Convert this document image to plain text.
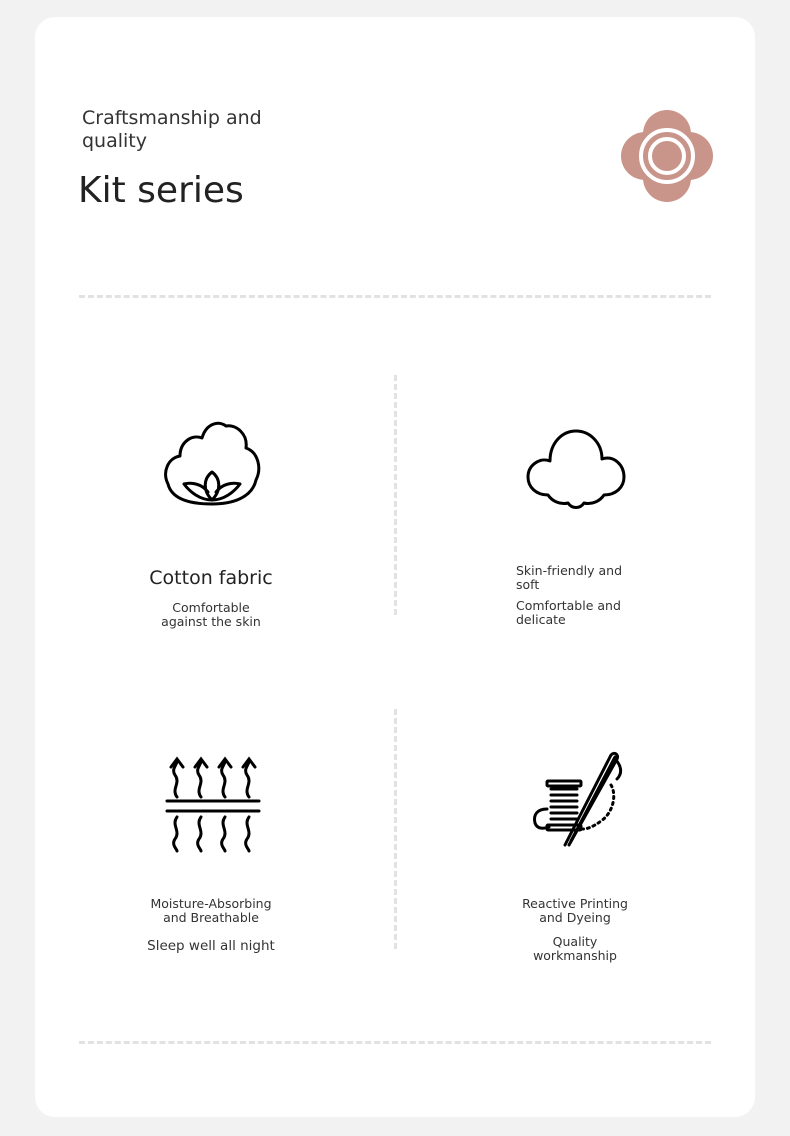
Craftsmanship and
quality
Kit series
Cotton fabric
Comfortable
against the skin
Skin-friendly and
soft
Comfortable and
delicate
Moisture-Absorbing
and Breathable
Sleep well all night
Reactive Printing
and Dyeing
Quality
workmanship
